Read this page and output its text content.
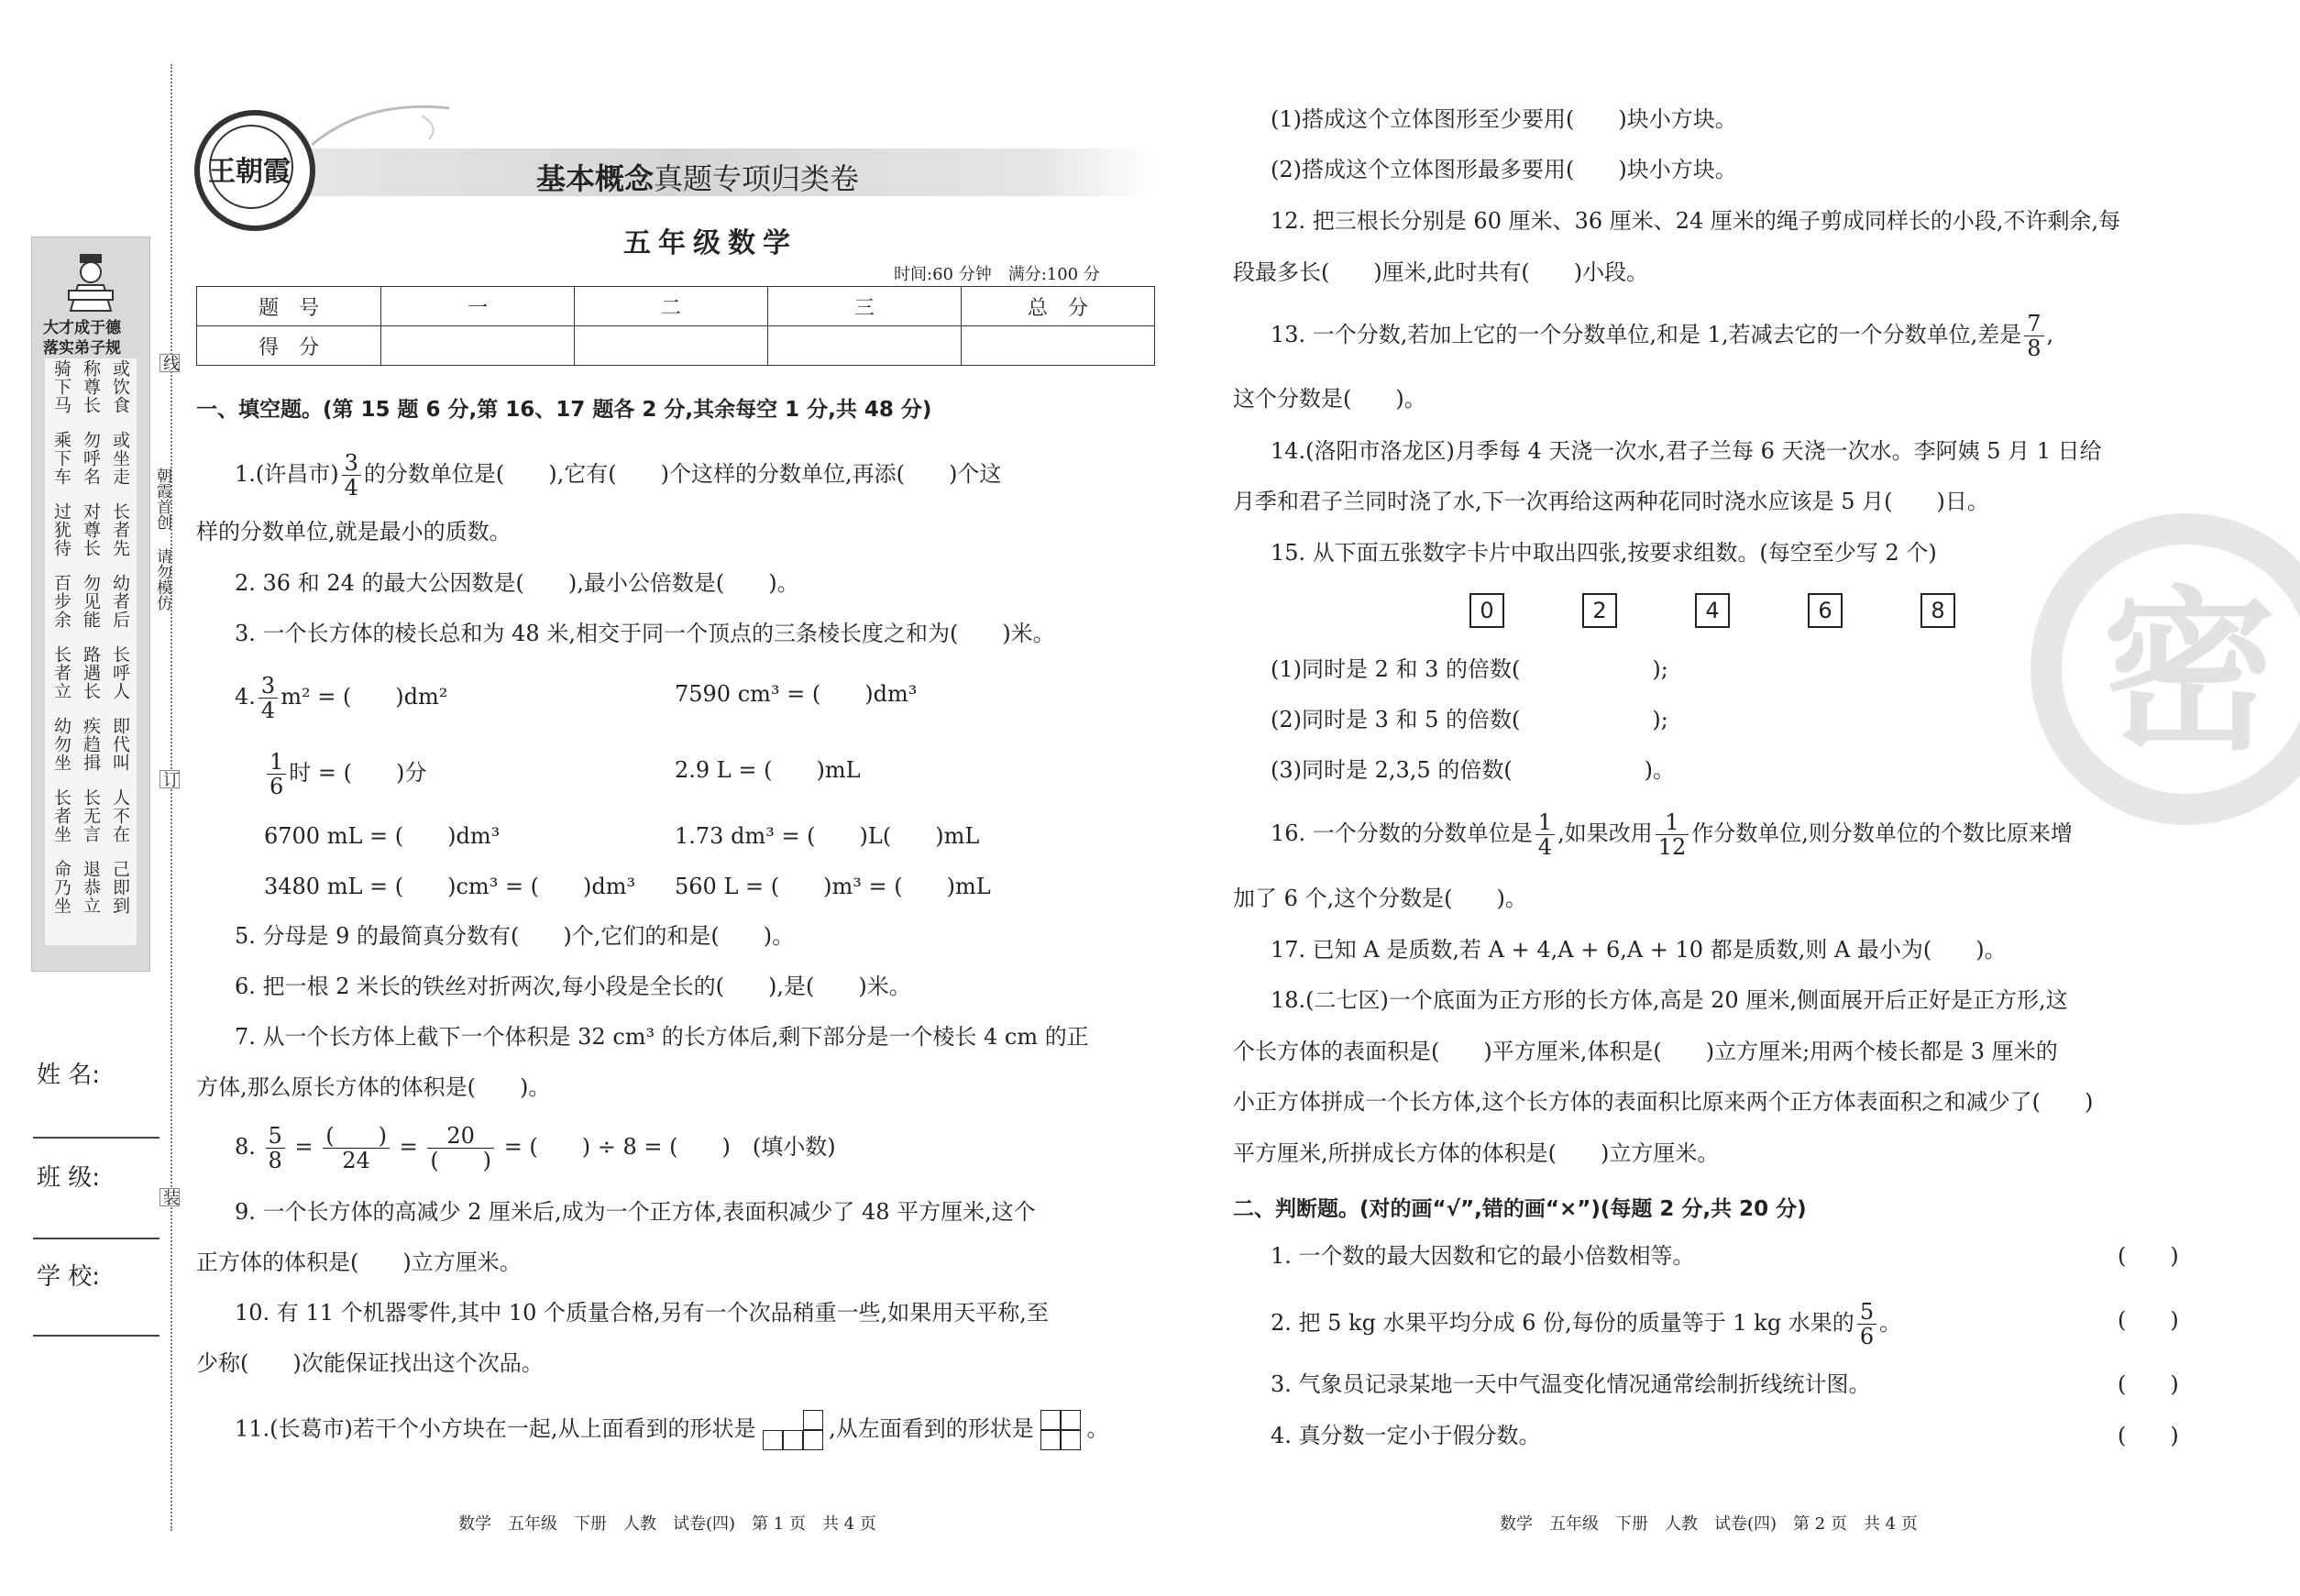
大才成于德
落实弟子规
骑下马 称尊长 或饮食
乘下车 勿呼名 或坐走
过犹待 对尊长 长者先
百步余 勿见能 幼者后
长者立 路遇长 长呼人
幼勿坐 疾趋揖 即代叫
长者坐 长无言 人不在
命乃坐 退恭立 己即到
姓 名:
班 级:
学 校:
线
订
装
朝霞首创 请勿模仿
王朝霞	基本概念真题专项归类卷
五年级数学
时间:60 分钟　满分:100 分
题　号	一	二	三	总　分
得　分				
一、填空题。(第 15 题 6 分,第 16、17 题各 2 分,其余每空 1 分,共 48 分)
1.(许昌市) $\frac{3}{4}$ 的分数单位是(　　),它有(　　)个这样的分数单位,再添(　　)个这
样的分数单位,就是最小的质数。
2. 36 和 24 的最大公因数是(　　),最小公倍数是(　　)。
3. 一个长方体的棱长总和为 48 米,相交于同一个顶点的三条棱长度之和为(　　)米。
4. $\frac{3}{4} m^2$ = (　　)dm²	7590 cm³ = (　　)dm³
$\frac{1}{6}$ 时 = (　　)分	2.9 L = (　　)mL
6700 mL = (　　)dm³	1.73 dm³ = (　　)L(　　)mL
3480 mL = (　　)cm³ = (　　)dm³ 560 L = (　　)m³ = (　　)mL
5. 分母是 9 的最简真分数有(　　)个,它们的和是(　　)。
6. 把一根 2 米长的铁丝对折两次,每小段是全长的(　　),是(　　)米。
7. 从一个长方体上截下一个体积是 32 cm³ 的长方体后,剩下部分是一个棱长 4 cm 的正
方体,那么原长方体的体积是(　　)。
8. $\frac{5}{8} = \frac{( )}{24} = \frac{20}{( )}$ = (　　) ÷ 8 = (　　)　(填小数)
9. 一个长方体的高减少 2 厘米后,成为一个正方体,表面积减少了 48 平方厘米,这个
正方体的体积是(　　)立方厘米。
10. 有 11 个机器零件,其中 10 个质量合格,另有一个次品稍重一些,如果用天平称,至
少称(　　)次能保证找出这个次品。
11.(长葛市)若干个小方块在一起,从上面看到的形状是	,从左面看到的形状是 。
数学　五年级　下册　人教　试卷(四)　第 1 页　共 4 页
密
(1)搭成这个立体图形至少要用(　　)块小方块。
(2)搭成这个立体图形最多要用(　　)块小方块。
12. 把三根长分别是 60 厘米、36 厘米、24 厘米的绳子剪成同样长的小段,不许剩余,每
段最多长(　　)厘米,此时共有(　　)小段。
13. 一个分数,若加上它的一个分数单位,和是 1,若减去它的一个分数单位,差是 $\frac{7}{8}$ ,
这个分数是(　　)。
14.(洛阳市洛龙区)月季每 4 天浇一次水,君子兰每 6 天浇一次水。李阿姨 5 月 1 日给
月季和君子兰同时浇了水,下一次再给这两种花同时浇水应该是 5 月(　　)日。
15. 从下面五张数字卡片中取出四张,按要求组数。(每空至少写 2 个)
0	2	4	6	8
(1)同时是 2 和 3 的倍数(　　　　　　);
(2)同时是 3 和 5 的倍数(　　　　　　);
(3)同时是 2,3,5 的倍数(　　　　　　)。
16. 一个分数的分数单位是 $\frac{1}{4}$ ,如果改用 $\frac{1}{12}$ 作分数单位,则分数单位的个数比原来增
加了 6 个,这个分数是(　　)。
17. 已知 A 是质数,若 A + 4,A + 6,A + 10 都是质数,则 A 最小为(　　)。
18.(二七区)一个底面为正方形的长方体,高是 20 厘米,侧面展开后正好是正方形,这
个长方体的表面积是(　　)平方厘米,体积是(　　)立方厘米;用两个棱长都是 3 厘米的
小正方体拼成一个长方体,这个长方体的表面积比原来两个正方体表面积之和减少了(　　)
平方厘米,所拼成长方体的体积是(　　)立方厘米。
二、判断题。(对的画“√”,错的画“×”)(每题 2 分,共 20 分)
1. 一个数的最大因数和它的最小倍数相等。	(　　)
2. 把 5 kg 水果平均分成 6 份,每份的质量等于 1 kg 水果的 $\frac{5}{6}$ 。	(　　)
3. 气象员记录某地一天中气温变化情况通常绘制折线统计图。	(　　)
4. 真分数一定小于假分数。	(　　)
数学　五年级　下册　人教　试卷(四)　第 2 页　共 4 页
